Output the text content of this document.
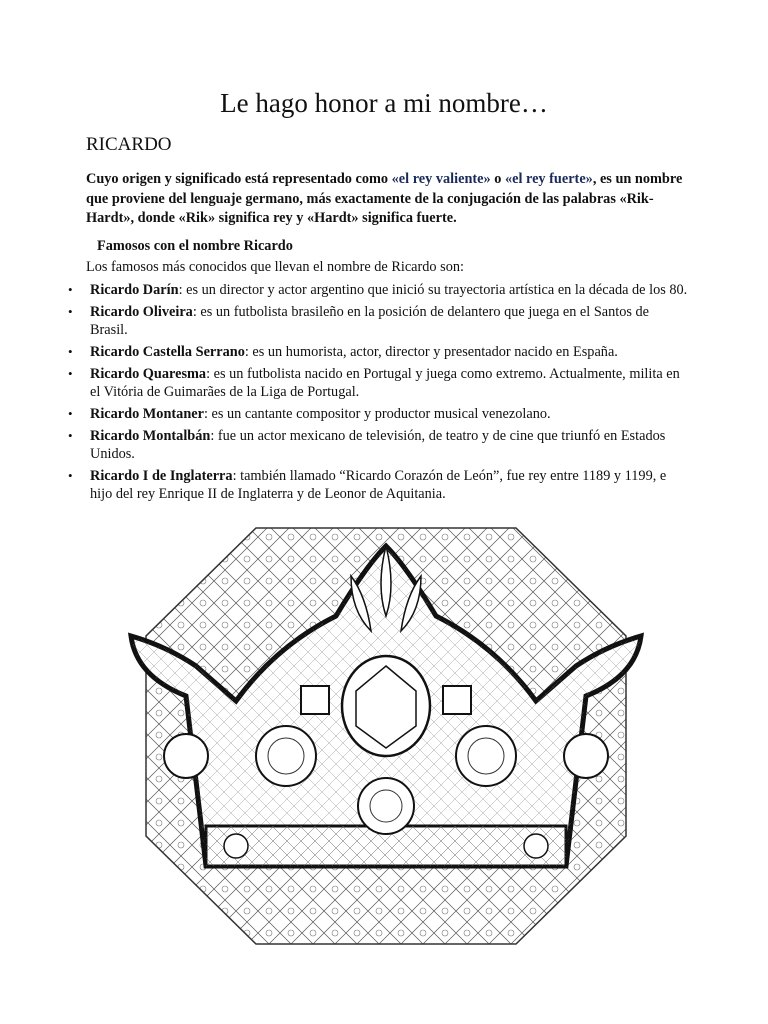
Le hago honor a mi nombre…
RICARDO

Cuyo origen y significado está representado como «el rey valiente» o «el rey fuerte», es un nombre que proviene del lenguaje germano, más exactamente de la conjugación de las palabras «Rik-Hardt», donde «Rik» significa rey y «Hardt» significa fuerte.

Famosos con el nombre Ricardo

Los famosos más conocidos que llevan el nombre de Ricardo son:

• Ricardo Darín: es un director y actor argentino que inició su trayectoria artística en la década de los 80.
• Ricardo Oliveira: es un futbolista brasileño en la posición de delantero que juega en el Santos de Brasil.
• Ricardo Castella Serrano: es un humorista, actor, director y presentador nacido en España.
• Ricardo Quaresma: es un futbolista nacido en Portugal y juega como extremo. Actualmente, milita en el Vitória de Guimarães de la Liga de Portugal.
• Ricardo Montaner: es un cantante compositor y productor musical venezolano.
• Ricardo Montalbán: fue un actor mexicano de televisión, de teatro y de cine que triunfó en Estados Unidos.
• Ricardo I de Inglaterra: también llamado “Ricardo Corazón de León”, fue rey entre 1189 y 1199, e hijo del rey Enrique II de Inglaterra y de Leonor de Aquitania.
